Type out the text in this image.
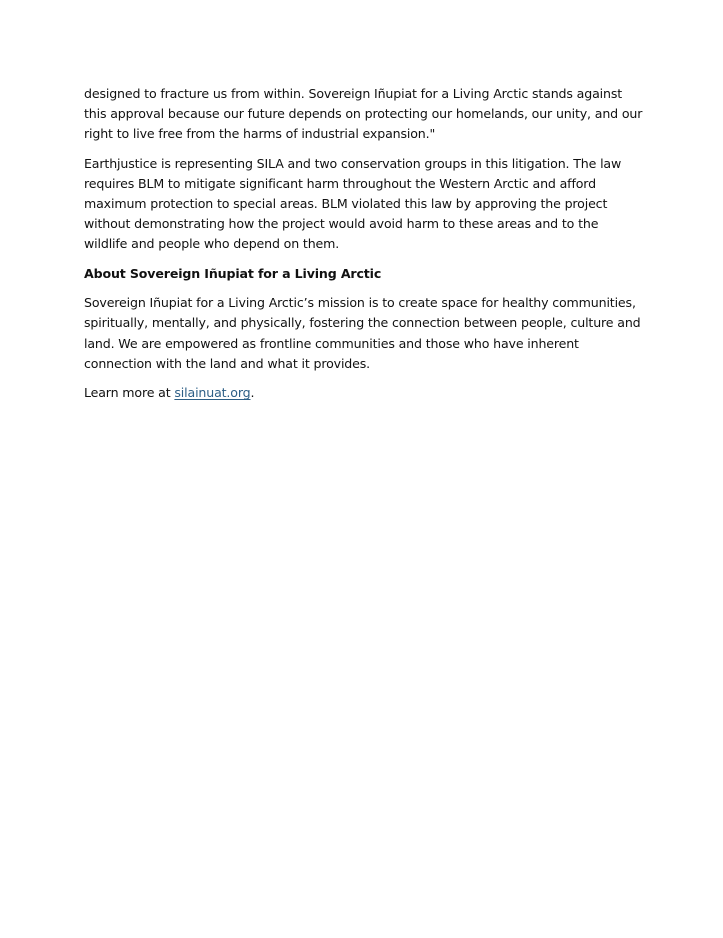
designed to fracture us from within. Sovereign Iñupiat for a Living Arctic stands against this approval because our future depends on protecting our homelands, our unity, and our right to live free from the harms of industrial expansion."

Earthjustice is representing SILA and two conservation groups in this litigation. The law requires BLM to mitigate significant harm throughout the Western Arctic and afford maximum protection to special areas. BLM violated this law by approving the project without demonstrating how the project would avoid harm to these areas and to the wildlife and people who depend on them.

About Sovereign Iñupiat for a Living Arctic

Sovereign Iñupiat for a Living Arctic’s mission is to create space for healthy communities, spiritually, mentally, and physically, fostering the connection between people, culture and land. We are empowered as frontline communities and those who have inherent connection with the land and what it provides.

Learn more at silainuat.org.
